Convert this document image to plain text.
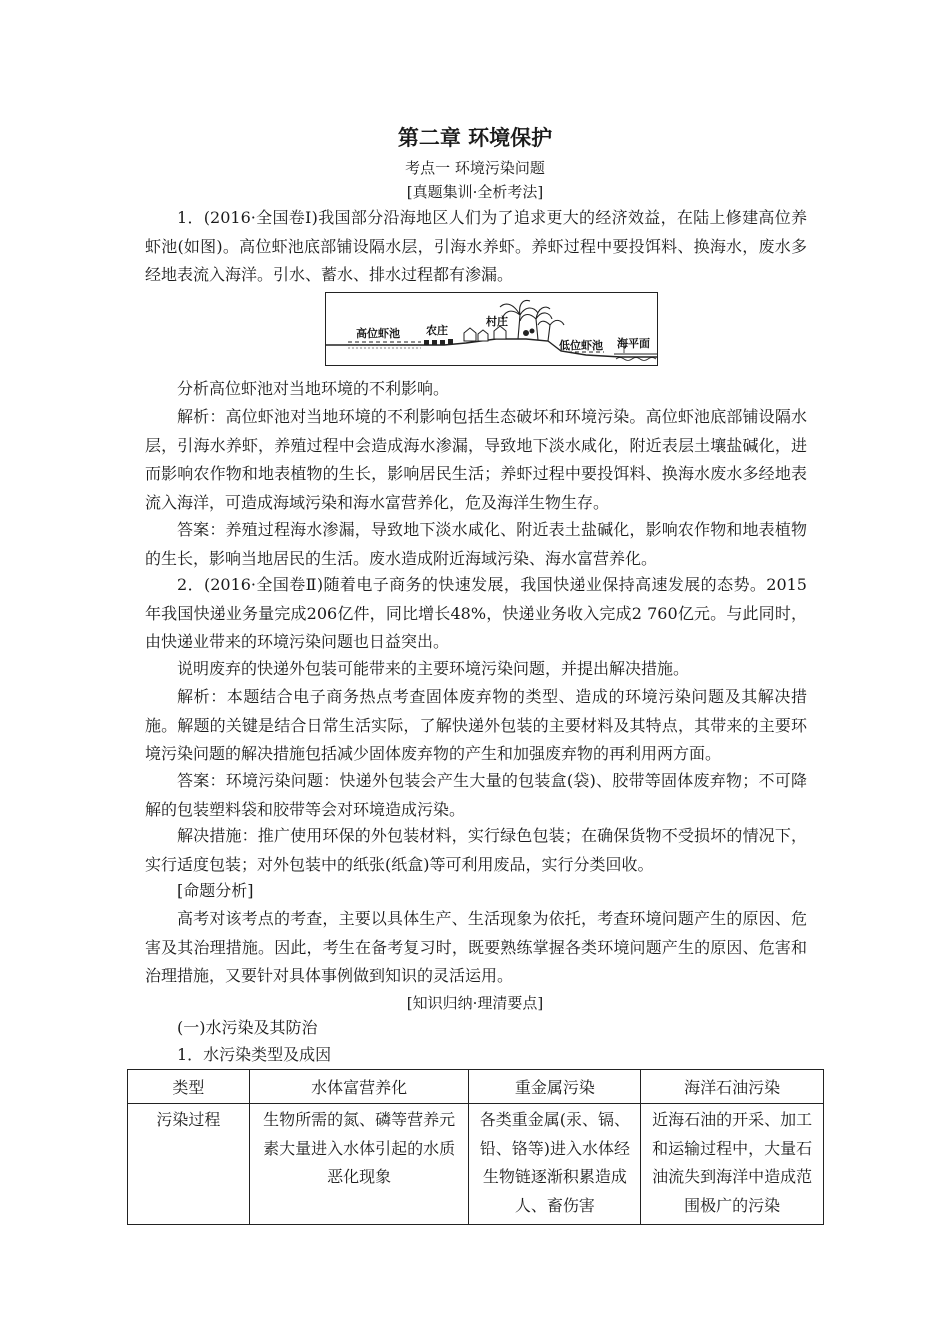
第二章 环境保护
考点一 环境污染问题
[真题集训·全析考法]
1．(2016·全国卷Ⅰ)我国部分沿海地区人们为了追求更大的经济效益，在陆上修建高位养虾池(如图)。高位虾池底部铺设隔水层，引海水养虾。养虾过程中要投饵料、换海水，废水多经地表流入海洋。引水、蓄水、排水过程都有渗漏。
高位虾池 农庄
村庄
低位虾池 海平面
分析高位虾池对当地环境的不利影响。
解析：高位虾池对当地环境的不利影响包括生态破坏和环境污染。高位虾池底部铺设隔水层，引海水养虾，养殖过程中会造成海水渗漏，导致地下淡水咸化，附近表层土壤盐碱化，进而影响农作物和地表植物的生长，影响居民生活；养虾过程中要投饵料、换海水废水多经地表流入海洋，可造成海域污染和海水富营养化，危及海洋生物生存。
答案：养殖过程海水渗漏，导致地下淡水咸化、附近表土盐碱化，影响农作物和地表植物的生长，影响当地居民的生活。废水造成附近海域污染、海水富营养化。
2．(2016·全国卷Ⅱ)随着电子商务的快速发展，我国快递业保持高速发展的态势。2015年我国快递业务量完成206亿件，同比增长48%，快递业务收入完成2 760亿元。与此同时，由快递业带来的环境污染问题也日益突出。
说明废弃的快递外包装可能带来的主要环境污染问题，并提出解决措施。
解析：本题结合电子商务热点考查固体废弃物的类型、造成的环境污染问题及其解决措施。解题的关键是结合日常生活实际，了解快递外包装的主要材料及其特点，其带来的主要环境污染问题的解决措施包括减少固体废弃物的产生和加强废弃物的再利用两方面。
答案：环境污染问题：快递外包装会产生大量的包装盒(袋)、胶带等固体废弃物；不可降解的包装塑料袋和胶带等会对环境造成污染。
解决措施：推广使用环保的外包装材料，实行绿色包装；在确保货物不受损坏的情况下，实行适度包装；对外包装中的纸张(纸盒)等可利用废品，实行分类回收。
[命题分析]
高考对该考点的考查，主要以具体生产、生活现象为依托，考查环境问题产生的原因、危害及其治理措施。因此，考生在备考复习时，既要熟练掌握各类环境问题产生的原因、危害和治理措施，又要针对具体事例做到知识的灵活运用。
[知识归纳·理清要点]
(一)水污染及其防治
1．水污染类型及成因
类型	水体富营养化	重金属污染	海洋石油污染
污染过程	生物所需的氮、磷等营养元素大量进入水体引起的水质恶化现象	各类重金属(汞、镉、铅、铬等)进入水体经生物链逐渐积累造成人、畜伤害	近海石油的开采、加工和运输过程中，大量石油流失到海洋中造成范围极广的污染
